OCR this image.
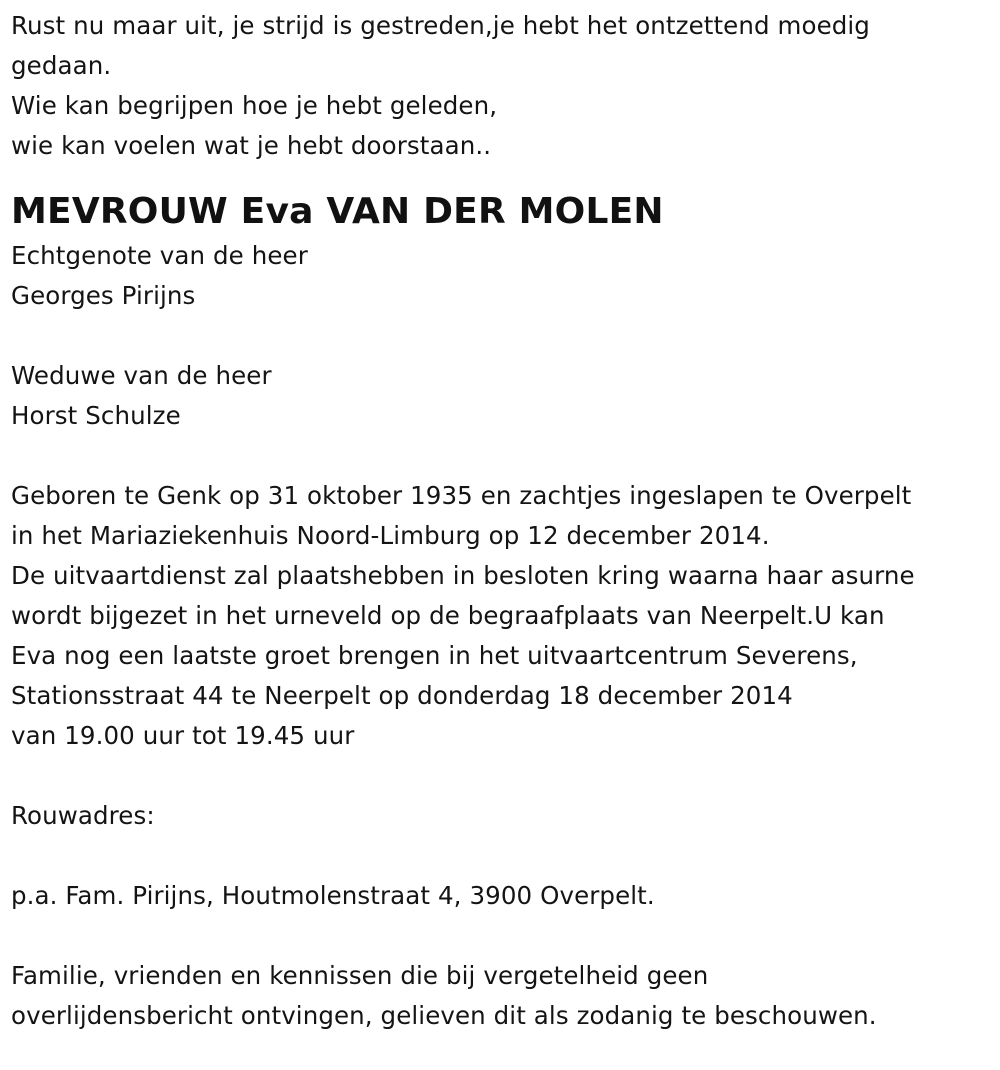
Rust nu maar uit, je strijd is gestreden,je hebt het ontzettend moedig
gedaan.
Wie kan begrijpen hoe je hebt geleden,
wie kan voelen wat je hebt doorstaan..
MEVROUW Eva VAN DER MOLEN
Echtgenote van de heer
Georges Pirijns
Weduwe van de heer
Horst Schulze
Geboren te Genk op 31 oktober 1935 en zachtjes ingeslapen te Overpelt
in het Mariaziekenhuis Noord-Limburg op 12 december 2014.
De uitvaartdienst zal plaatshebben in besloten kring waarna haar asurne
wordt bijgezet in het urneveld op de begraafplaats van Neerpelt.U kan
Eva nog een laatste groet brengen in het uitvaartcentrum Severens,
Stationsstraat 44 te Neerpelt op donderdag 18 december 2014
van 19.00 uur tot 19.45 uur
Rouwadres:
p.a. Fam. Pirijns, Houtmolenstraat 4, 3900 Overpelt.
Familie, vrienden en kennissen die bij vergetelheid geen
overlijdensbericht ontvingen, gelieven dit als zodanig te beschouwen.
